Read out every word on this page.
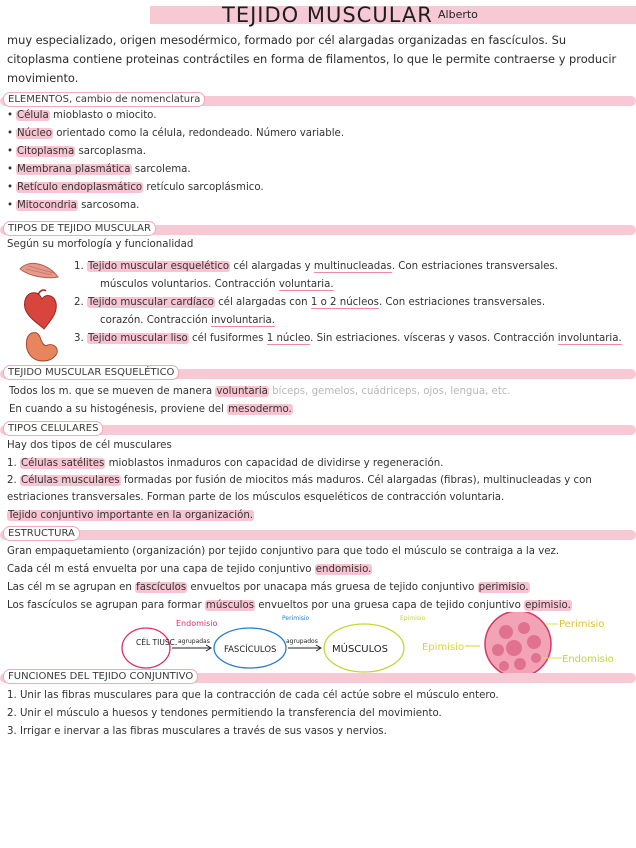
TEJIDO MUSCULAR Alberto
muy especializado, origen mesodérmico, formado por cél alargadas organizadas en fascículos. Su citoplasma contiene proteinas contráctiles en forma de filamentos, lo que le permite contraerse y producir movimiento.
ELEMENTOS, cambio de nomenclatura
• Célula mioblasto o miocito.
• Núcleo orientado como la célula, redondeado. Número variable.
• Citoplasma sarcoplasma.
• Membrana plasmática sarcolema.
• Retículo endoplasmático retículo sarcoplásmico.
• Mitocondria sarcosoma.
TIPOS DE TEJIDO MUSCULAR
Según su morfología y funcionalidad
1. Tejido muscular esquelético cél alargadas y multinucleadas. Con estriaciones transversales.
músculos voluntarios. Contracción voluntaria.
2. Tejido muscular cardíaco cél alargadas con 1 o 2 núcleos. Con estriaciones transversales.
corazón. Contracción involuntaria.
3. Tejido muscular liso cél fusiformes 1 núcleo. Sin estriaciones. vísceras y vasos. Contracción involuntaria.
TEJIDO MUSCULAR ESQUELÉTICO
Todos los m. que se mueven de manera voluntaria bíceps, gemelos, cuádriceps, ojos, lengua, etc.
En cuando a su histogénesis, proviene del mesodermo.
TIPOS CELULARES
Hay dos tipos de cél musculares
1. Células satélites mioblastos inmaduros con capacidad de dividirse y regeneración.
2. Células musculares formadas por fusión de miocitos más maduros. Cél alargadas (fibras), multinucleadas y con
estriaciones transversales. Forman parte de los músculos esqueléticos de contracción voluntaria.
Tejido conjuntivo importante en la organización.
ESTRUCTURA
Gran empaquetamiento (organización) por tejido conjuntivo para que todo el músculo se contraiga a la vez.
Cada cél m está envuelta por una capa de tejido conjuntivo endomisio.
Las cél m se agrupan en fascículos envueltos por unacapa más gruesa de tejido conjuntivo perimisio.
Los fascículos se agrupan para formar músculos envueltos por una gruesa capa de tejido conjuntivo epimisio.
CÉL TIUSC.
Endomisio
agrupadas
FASCÍCULOS
Perimisio
agrupados
MÚSCULOS
Epimisio
Epimisio
Perimisio
Endomisio
FUNCIONES DEL TEJIDO CONJUNTIVO
1. Unir las fibras musculares para que la contracción de cada cél actúe sobre el músculo entero.
2. Unir el músculo a huesos y tendones permitiendo la transferencia del movimiento.
3. Irrigar e inervar a las fibras musculares a través de sus vasos y nervios.
